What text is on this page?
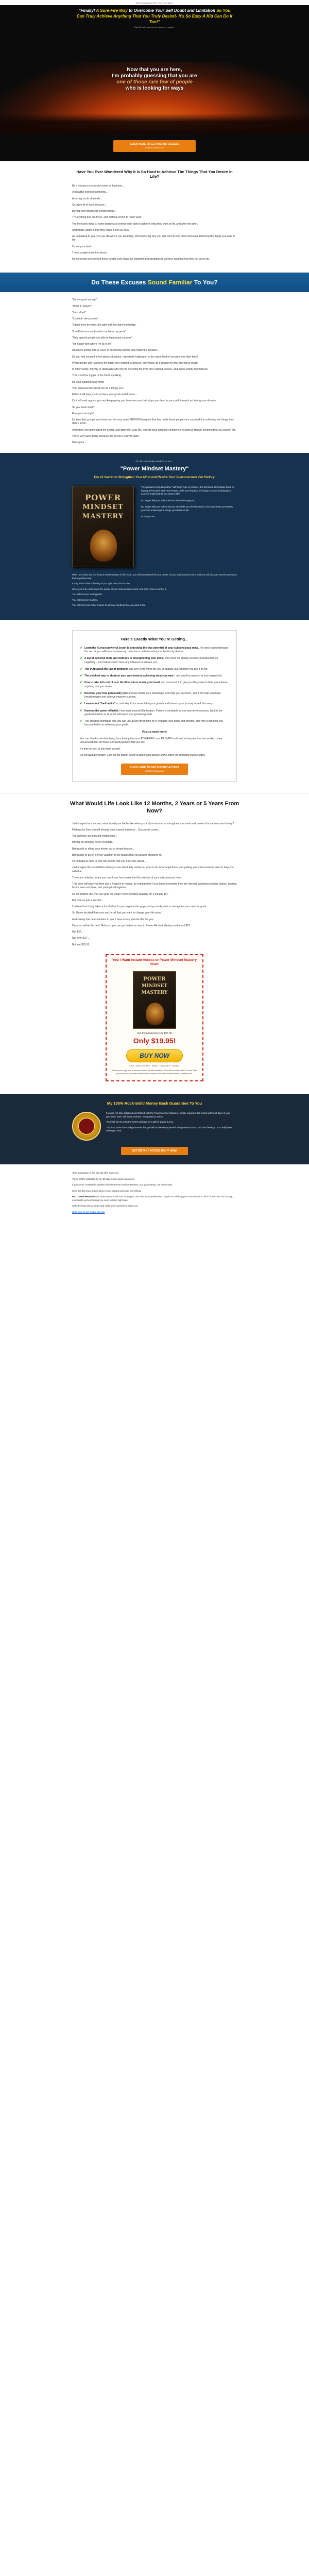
Still feeling stuck in life? You're not alone.
"Finally! A Sure-Fire Way to Overcome Your Self Doubt and Limitation So You Can Truly Achieve Anything That You Truly Desire!- It's So Easy A Kid Can Do It Too!"
Train life will never be the same ever again...
Now that you are here,
I'm probably guessing that you are
one of those rare few of people
who is looking for ways
CLICK HERE TO GET INSTANT ACCESS
INSTANT DOWNLOAD
Have You Ever Wondered Why It Is So Hard to Achieve The Things That You Desire In Life?

Be it having a successful career or business...

A beautiful loving relationship...

Amazing circle of friends...

Or enjoy all of lives pleasure...

Buying your dream car, dream house...

Try anything that out there, and nothing seems to really work.

Yet, the funny thing is, some people just seems to be able to achieve what they want in life, and after the other.

And what's unfair is that they make it look so easy.

As compared to you, you are still where you are today, still wondering why you just can't be like them and keep achieving the things you want in life.

It's not your fault.

These people know the secret.

It's not rocket science but these people truly know the blueprint and strategies to achieve anything that they set out to do.

Do These Excuses Sound Familiar To You?

"I'm not good enough"

"What if I failed?"

"I am afraid"

"I can't do the process"

"I don't have the time, the right skill, the right knowledge"

"It will take too much work to achieve my goals"

"Only special people are able to have great success"

"I'm happy with where I'm at in life."

Research shows that in 100% of successful people who make the decision...

Do you find yourself in the above situations, repeatedly holding on to the same kind of excuses time after time?

When people don't achieve the goals they wanted to achieve, they make up a reason for why they fail to reach.

In other words, they try to rationalize why they're not living the lives they wanted to have, and hence justify their failures.

This is not the trigger or the Devil speaking...

It's your subconscious mind.

Your subconscious mind can do 2 things you:

Either it will help you to achieve your goals and dreams...

Or it will work against you and keep giving you these excuses that stops you dead in your path towards achieving your dreams.

So you know what?

Enough is enough!

It's time that you get your hands on the very same PROVEN blueprint that has made these people very successful in achieving the things they desire in life.

And when you understand the secret, and apply it in your life, you will have absolute confidence to achieve literally anything that you want in life.

You're very lucky today because the secret is easy to learn.

Here goes...

I'd Like to Proudly Introduce to You...
"Power Mindset Mastery"
The #1 Secret to Strengthen Your Mind and Rewire Your Subconscious For Victory!
POWER
MINDSET
MASTERY

This product isn't just another "self-help" type of product, it is full blown 10 Chapter book on having a PROVEN and Time-Tested, Safe and Practical technique to use immediately to achieve anything that you want in life!

No longer will your subconscious mind sabotage you.

No longer will your subconscious mind tells you the hundreds of excuses that's preventing you from achieving the things you desire in life.

Not anymore.

When you learn the techniques and strategies in this book, you will understand the true power of your subconscious mind and you will discover secrets you won't find anywhere else.

It may sound absurdly easy to you right now, but it's true.

Once you truly understand the power of your subconscious mind, and learn how to control it,

You will become unstoppable.

You will become fearless.

You will truly learn what it takes to achieve anything that you want in life.

Here's Exactly What You're Getting...
✔ Learn the #1 most powerful secret to unlocking the true potential of your subconscious mind. For once you understand the secret, you will have unwavering conviction to achieve what your heart truly desires.
✔ A list of powerful tools and methods to strengthening your mind. Your mind will literally become bulletproof to all negativity - your failures won't have any influence at all over you.
✔ The truth about the law of attraction and why it will works for you or against you, whether you like it or not.
✔ The quickest way to shortcut your way towards achieving what you want - and you'd be amazed at how simple it is!
✔ How to take full control over the little voices inside your head, and command it to give you the power to help you achieve anything that you desire.
✔ Discover your true personality type and use that to your advantage, and help you succeed - and it will help you make breakthroughs and achieve massive success.
✔ Learn about "bad habits" in, and why it's incremental to your growth and towards your journey of self discovery.
✔ Harness the power of belief. How most powerful life leaders. Failure is inevitable in your journey to success, but it is the greatest teacher of all which will serve your greatest growth.
✔ The amazing technique that you can use at any given time to re-evaluate your goals and dreams, and how it can help you become better at achieving your goals.
Plus so much more!
You can literally see data being from having the most POWERFUL and PROVEN tools and techniques that has worked many unsuccessful for all those successful people that you see.
It's time for you to join them as well.
Do not wait any longer. Click on the button below to get instant access to the entire life-changing course today.
CLICK HERE TO GET INSTANT ACCESS
INSTANT DOWNLOAD
What Would Life Look Like 12 Months, 2 Years or 5 Years From Now?

Just imagine for a second, what would your life be like when you truly know how to strengthen your mind and rewire it for success and victory?

Perhaps by then you will already have a great business... Successful career...

You will have an amazing relationship...

Having an amazing circle of friends...

Being able to afford your dream car or dream houses...

Being able to go on a cycle vacation to the places that you always dreamed of...

Or perhaps be able to help the people that you truly care about...

Just imagine the possibilities when you are absolutely certain on what to do, how to get there, and getting your subconscious mind to help you with that.

There are unlimited when you truly know how to use the full potential of your subconscious mind.

This book will save you time and a heap lot of money, as compared to if you learn elsewhere from the Internet, watching youtube videos, reading books here and there, and putting it all together.

So the bottom line, you can grab the entire Power Mindset Mastery for a measly $97.

But hold on just a second...

I believe that it truly takes a lot of effort for you to get to this page, and you truly want to strengthen your mind for good.

So I have decided that once and for all that you want to change your life today.

And seeing that determination in you, I have a very special offer for you.

If you act within the next 24 hours, you can get instant access to Power Mindset Mastery and at not $97.

Not $37...

Not even $27...

But just $19.95.

Yes! I Want Instant Access to Power Mindset Mastery Now!
POWER
MINDSET
MASTERY
Get Instant Access For $97.00
Only $19.95!
BUY NOW
VISA · MASTERCARD · AMEX · DISCOVER · PAYPAL
Secure your copy now at this price within 24 with available. Price will be restored in 24 hours. After your purchase, you will receive instant access to the entire Power Mindset Mastery book.
My 100% Rock-Solid Money Back Guarantee To You

If you're not fully delighted and thrilled with the Power Mindset Mastery, simply request a full refund within 60 days of your purchase, and I will issue a refund - no questions asked.

You'll still get to keep the entire package as a gift for giving it a try.

This is a 100% iron-clad guarantee that you will not be disappointed. No questions asked. No hard feelings. You really have nothing to lose.

GET INSTANT ACCESS RIGHT NOW!

Take advantage of this special offer right now.

You're 100% protected by my 30-day money back guarantee.

If you aren't completely satisfied with the Power Mindset Mastery, you pay nothing. It's that simple.

Click the Buy Now button above to get instant access to everything.

P.S. - 100% PROVEN and Time-Tested Tools and Strategies, and with a comprehensive chapter on rewiring your subconscious mind for success and victory, you literally got everything you need to learn right now.
Only the bold will act today and make your investment right now.
Click here to get instant access!
